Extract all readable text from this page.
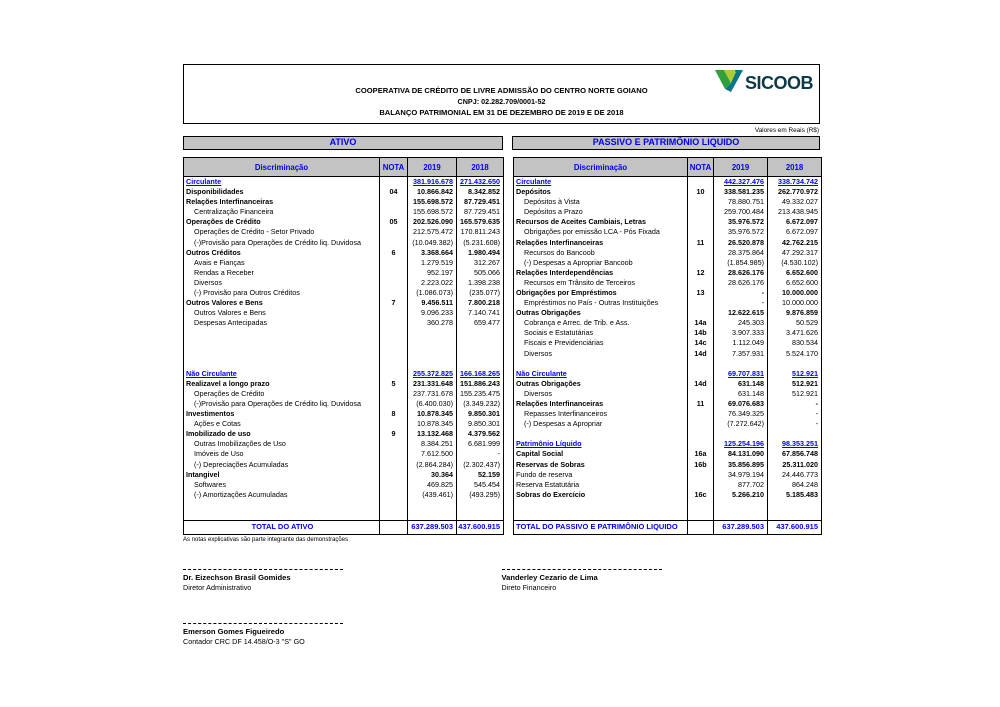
COOPERATIVA DE CRÉDITO DE LIVRE ADMISSÃO DO CENTRO NORTE GOIANO
CNPJ: 02.282.709/0001-52
BALANÇO PATRIMONIAL EM 31 DE DEZEMBRO DE 2019 E DE 2018
SICOOB
Valores em Reais (R$)
ATIVO	PASSIVO E PATRIMÔNIO LIQUIDO
Discriminação	NOTA	2019	2018
Circulante		381.916.678	271.432.650
Disponibilidades	04	10.866.842	8.342.852
Relações Interfinanceiras		155.698.572	87.729.451
Centralização Financeira		155.698.572	87.729.451
Operações de Crédito	05	202.526.090	165.579.635
Operações de Crédito - Setor Privado		212.575.472	170.811.243
(-)Provisão para Operações de Crédito liq. Duvidosa		(10.049.382)	(5.231.608)
Outros Créditos	6	3.368.664	1.980.494
Avais e Fianças		1.279.519	312.267
Rendas a Receber		952.197	505.066
Diversos		2.223.022	1.398.238
(-) Provisão para Outros Créditos		(1.086.073)	(235.077)
Outros Valores e Bens	7	9.456.511	7.800.218
Outros Valores e Bens		9.096.233	7.140.741
Despesas Antecipadas		360.278	659.477

Não Circulante		255.372.825	166.168.265
Realizavel a longo prazo	5	231.331.648	151.886.243
Operações de Crédito		237.731.678	155.235.475
(-)Provisão para Operações de Crédito liq. Duvidosa		(6.400.030)	(3.349.232)
Investimentos	8	10.878.345	9.850.301
Ações e Cotas		10.878.345	9.850.301
Imobilizado de uso	9	13.132.468	4.379.562
Outras Imobilizações de Uso		8.384.251	6.681.999
Imóveis de Uso		7.612.500	-
(-) Depreciações Acumuladas		(2.864.284)	(2.302.437)
Intangivel		30.364	52.159
Softwares		469.825	545.454
(-) Amortizações Acumuladas		(439.461)	(493.295)

TOTAL DO ATIVO		637.289.503	437.600.915
Discriminação	NOTA	2019	2018
Circulante		442.327.476	338.734.742
Depósitos	10	338.581.235	262.770.972
Depósitos à Vista		78.880.751	49.332.027
Depósitos a Prazo		259.700.484	213.438.945
Recursos de Aceites Cambiais, Letras		35.976.572	6.672.097
Obrigações por emissão LCA - Pós Fixada		35.976.572	6.672.097
Relações Interfinanceiras	11	26.520.878	42.762.215
Recursos do Bancoob		28.375.864	47.292.317
(-) Despesas a Apropriar Bancoob		(1.854.985)	(4.530.102)
Relações Interdependências	12	28.626.176	6.652.600
Recursos em Trânsito de Terceiros		28.626.176	6.652.600
Obrigações por Empréstimos	13	-	10.000.000
Empréstimos no País - Outras Instituições		-	10.000.000
Outras Obrigações		12.622.615	9.876.859
Cobrança e Arrec. de Trib. e Ass.	14a	245.303	50.529
Sociais e Estatutárias	14b	3.907.333	3.471.626
Fiscais e Previdenciárias	14c	1.112.049	830.534
Diversos	14d	7.357.931	5.524.170

Não Circulante		69.707.831	512.921
Outras Obrigações	14d	631.148	512.921
Diversos		631.148	512.921
Relações Interfinanceiras	11	69.076.683	-
Repasses Interfinanceiros		76.349.325	-
(-) Despesas a Apropriar		(7.272.642)	-

Patrimônio Líquido		125.254.196	98.353.251
Capital Social	16a	84.131.090	67.856.748
Reservas de Sobras	16b	35.856.895	25.311.020
Fundo de reserva		34.979.194	24.446.773
Reserva Estatutária		877.702	864.248
Sobras do Exercício	16c	5.266.210	5.185.483

TOTAL DO PASSIVO E PATRIMÔNIO LIQUIDO		637.289.503	437.600.915
As notas explicativas são parte integrante das demonstrações
Dr. Eizechson Brasil Gomides
Diretor Administrativo
Vanderley Cezario de Lima
Direto Financeiro
Emerson Gomes Figueiredo
Contador CRC DF 14.458/O-3 "S" GO
